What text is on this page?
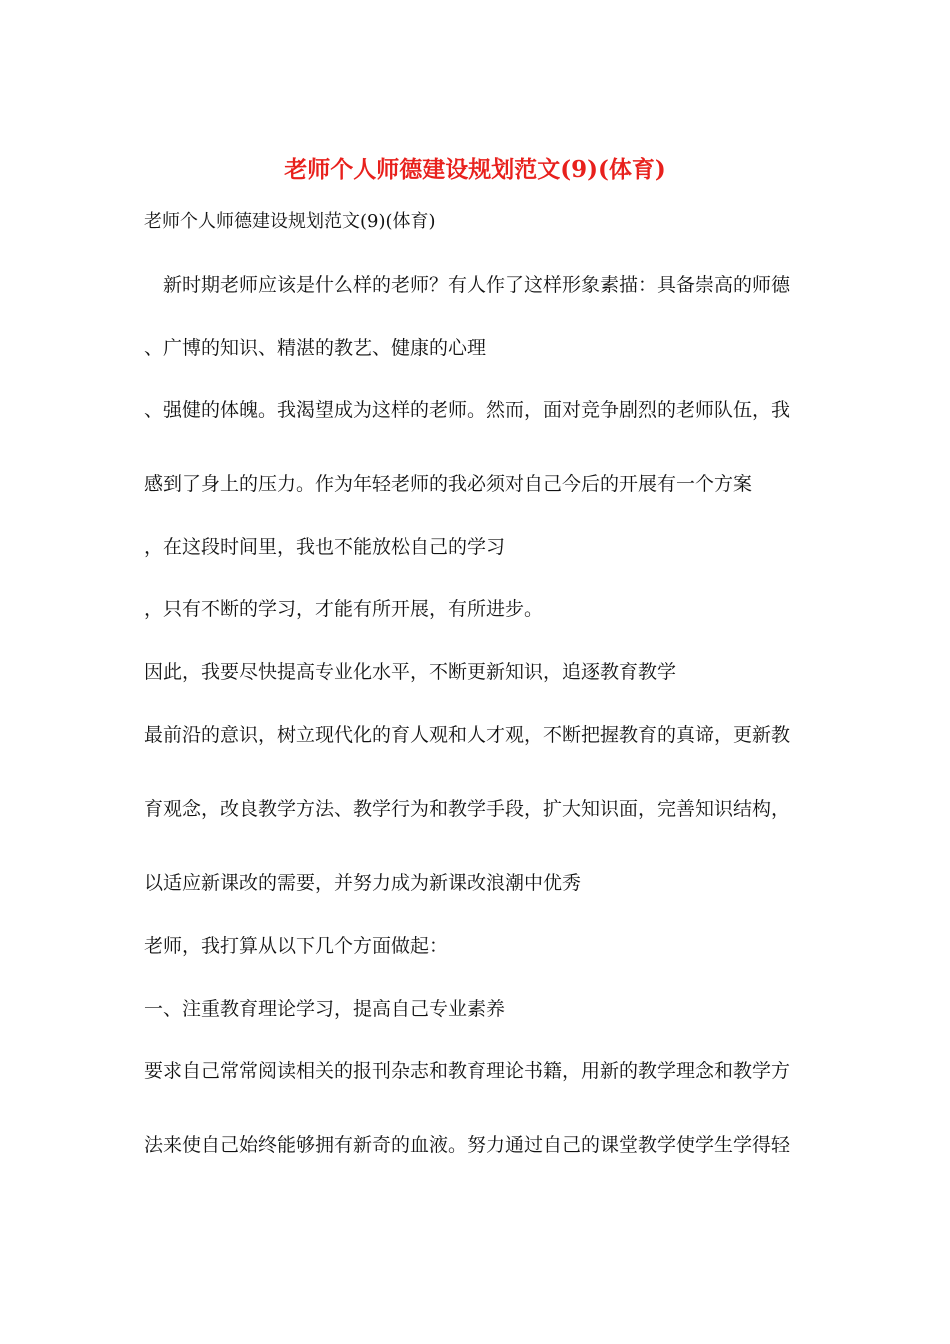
老师个人师德建设规划范文(9)(体育)
老师个人师德建设规划范文(9)(体育)
　新时期老师应该是什么样的老师？有人作了这样形象素描：具备崇高的师德
、广博的知识、精湛的教艺、健康的心理
、强健的体魄。我渴望成为这样的老师。然而，面对竞争剧烈的老师队伍，我
感到了身上的压力。作为年轻老师的我必须对自己今后的开展有一个方案
，在这段时间里，我也不能放松自己的学习
，只有不断的学习，才能有所开展，有所进步。
因此，我要尽快提高专业化水平，不断更新知识，追逐教育教学
最前沿的意识，树立现代化的育人观和人才观，不断把握教育的真谛，更新教
育观念，改良教学方法、教学行为和教学手段，扩大知识面，完善知识结构，
以适应新课改的需要，并努力成为新课改浪潮中优秀
老师，我打算从以下几个方面做起：
一、注重教育理论学习，提高自己专业素养
要求自己常常阅读相关的报刊杂志和教育理论书籍，用新的教学理念和教学方
法来使自己始终能够拥有新奇的血液。努力通过自己的课堂教学使学生学得轻
